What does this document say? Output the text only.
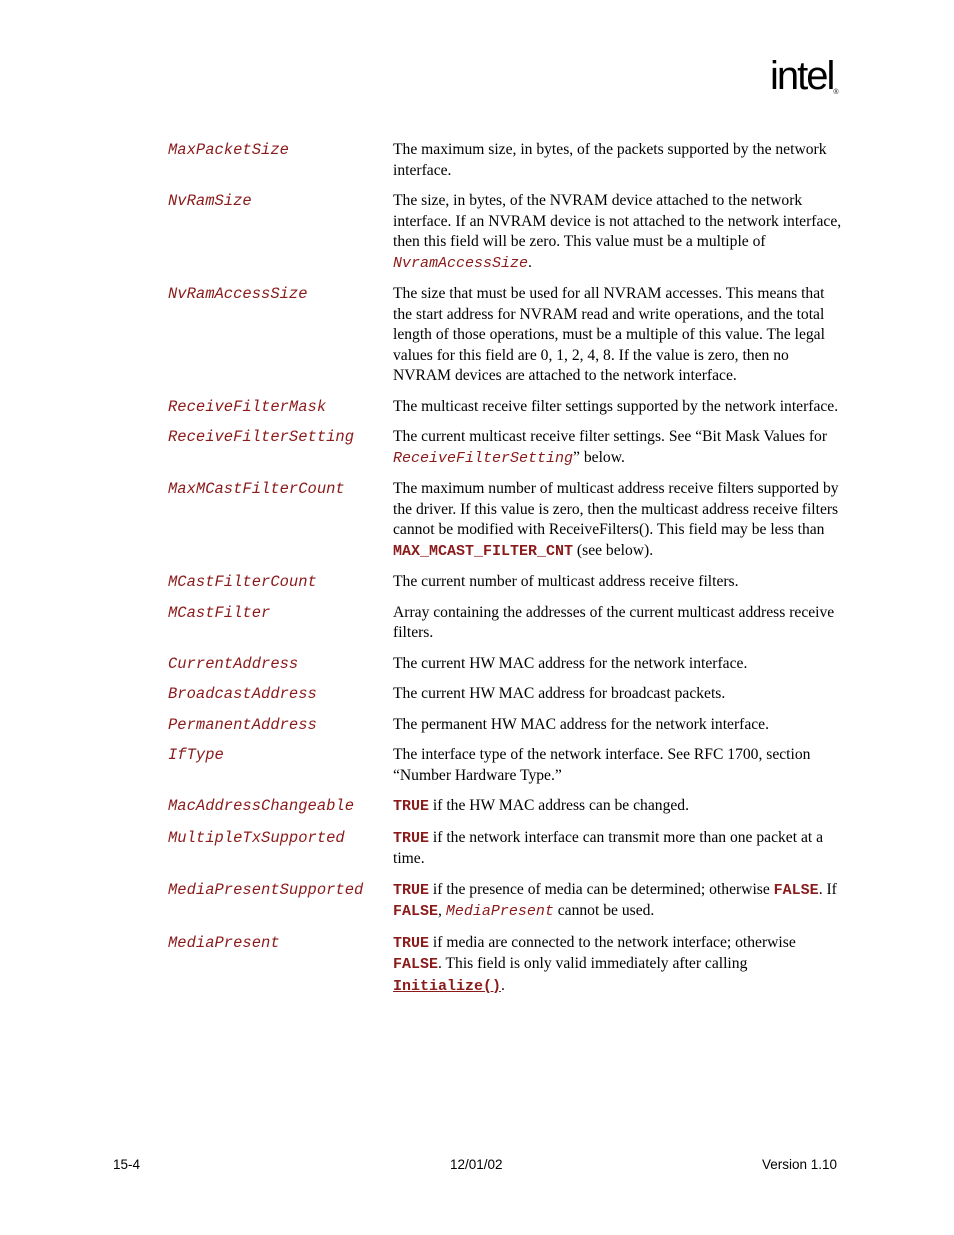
intel®
MaxPacketSize	The maximum size, in bytes, of the packets supported by the network interface.
NvRamSize	The size, in bytes, of the NVRAM device attached to the network interface. If an NVRAM device is not attached to the network interface, then this field will be zero. This value must be a multiple of NvramAccessSize.
NvRamAccessSize	The size that must be used for all NVRAM accesses. This means that the start address for NVRAM read and write operations, and the total length of those operations, must be a multiple of this value. The legal values for this field are 0, 1, 2, 4, 8. If the value is zero, then no NVRAM devices are attached to the network interface.
ReceiveFilterMask	The multicast receive filter settings supported by the network interface.
ReceiveFilterSetting	The current multicast receive filter settings. See “Bit Mask Values for ReceiveFilterSetting” below.
MaxMCastFilterCount	The maximum number of multicast address receive filters supported by the driver. If this value is zero, then the multicast address receive filters cannot be modified with ReceiveFilters(). This field may be less than MAX_MCAST_FILTER_CNT (see below).
MCastFilterCount	The current number of multicast address receive filters.
MCastFilter	Array containing the addresses of the current multicast address receive filters.
CurrentAddress	The current HW MAC address for the network interface.
BroadcastAddress	The current HW MAC address for broadcast packets.
PermanentAddress	The permanent HW MAC address for the network interface.
IfType	The interface type of the network interface. See RFC 1700, section “Number Hardware Type.”
MacAddressChangeable	TRUE if the HW MAC address can be changed.
MultipleTxSupported	TRUE if the network interface can transmit more than one packet at a time.
MediaPresentSupported	TRUE if the presence of media can be determined; otherwise FALSE. If FALSE, MediaPresent cannot be used.
MediaPresent	TRUE if media are connected to the network interface; otherwise FALSE. This field is only valid immediately after calling Initialize().
15-4	12/01/02	Version 1.10
